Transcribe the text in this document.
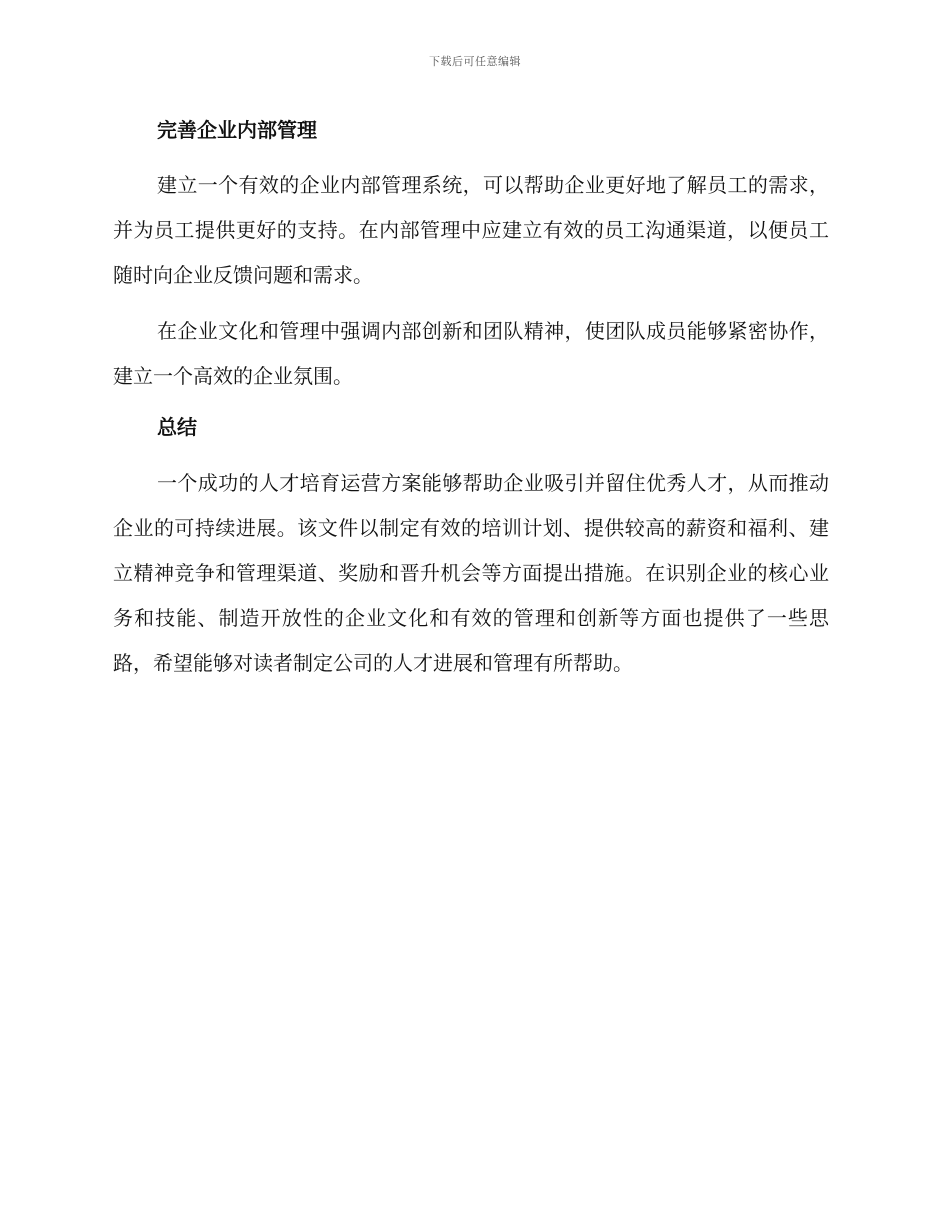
下载后可任意编辑
完善企业内部管理

建立一个有效的企业内部管理系统，可以帮助企业更好地了解员工的需求，并为员工提供更好的支持。在内部管理中应建立有效的员工沟通渠道，以便员工随时向企业反馈问题和需求。

在企业文化和管理中强调内部创新和团队精神，使团队成员能够紧密协作，建立一个高效的企业氛围。

总结

一个成功的人才培育运营方案能够帮助企业吸引并留住优秀人才，从而推动企业的可持续进展。该文件以制定有效的培训计划、提供较高的薪资和福利、建立精神竞争和管理渠道、奖励和晋升机会等方面提出措施。在识别企业的核心业务和技能、制造开放性的企业文化和有效的管理和创新等方面也提供了一些思路，希望能够对读者制定公司的人才进展和管理有所帮助。
